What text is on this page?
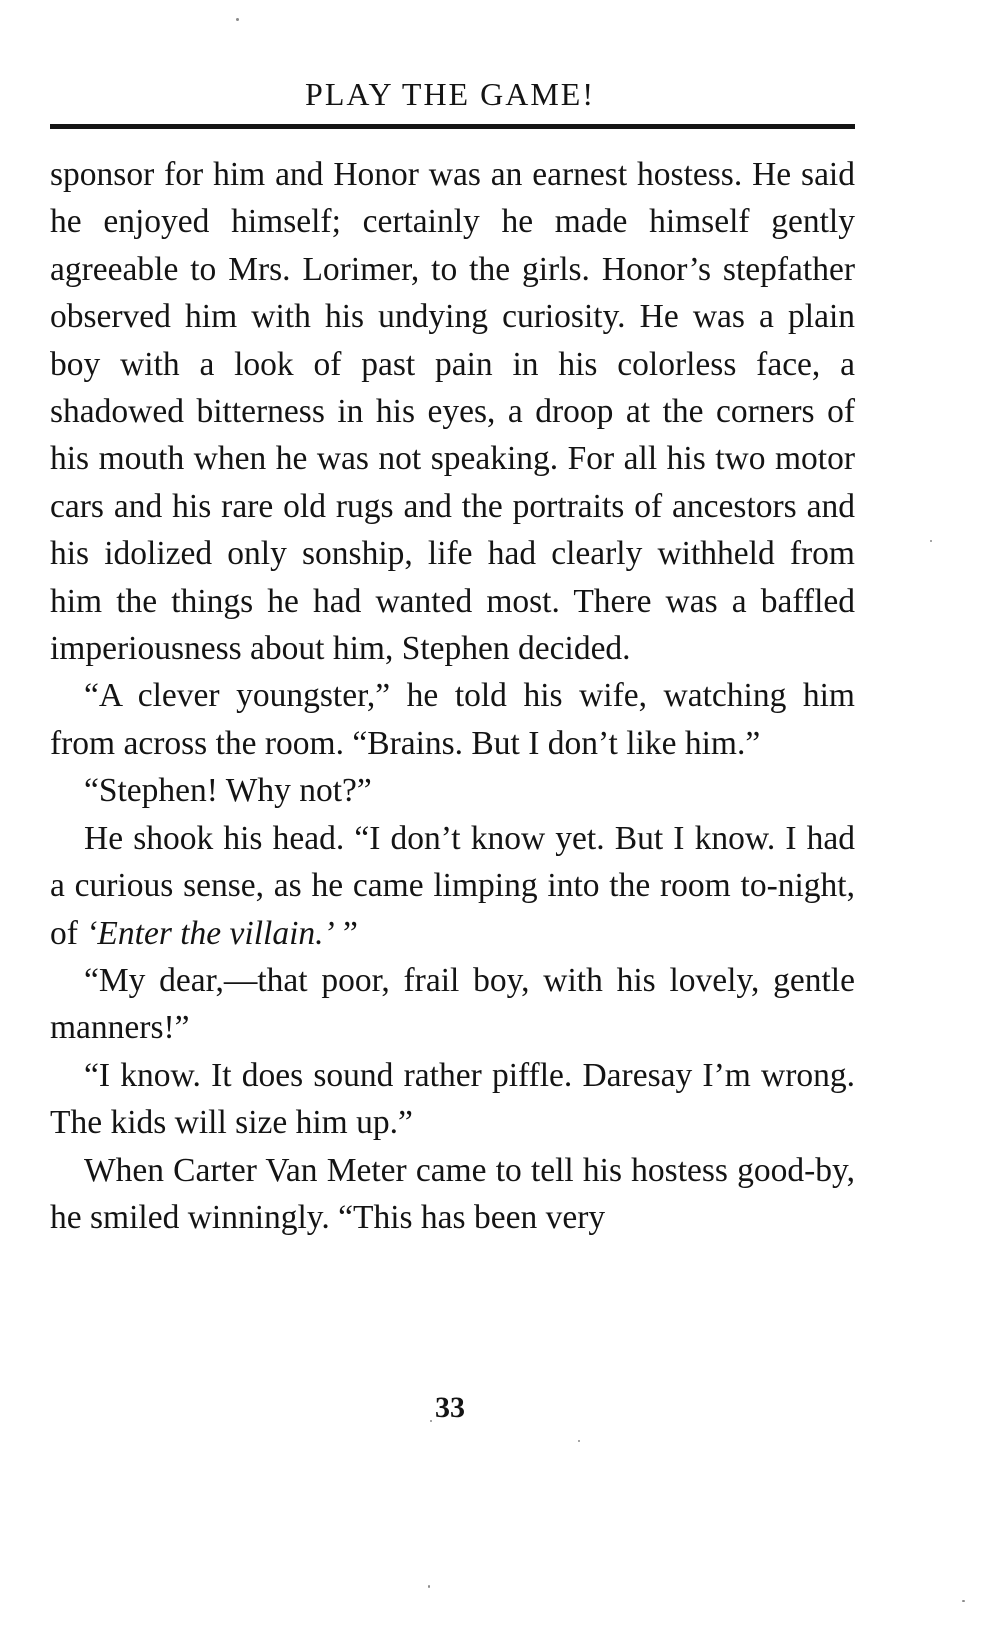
PLAY THE GAME!

sponsor for him and Honor was an earnest hostess. He said he enjoyed himself; certainly he made himself gently agreeable to Mrs. Lorimer, to the girls. Honor’s stepfather observed him with his undying curiosity. He was a plain boy with a look of past pain in his colorless face, a shadowed bitterness in his eyes, a droop at the corners of his mouth when he was not speaking. For all his two motor cars and his rare old rugs and the portraits of ancestors and his idolized only sonship, life had clearly withheld from him the things he had wanted most. There was a baffled imperiousness about him, Stephen decided.

“A clever youngster,” he told his wife, watching him from across the room. “Brains. But I don’t like him.”

“Stephen! Why not?”

He shook his head. “I don’t know yet. But I know. I had a curious sense, as he came limping into the room to-night, of ‘Enter the villain.’ ”

“My dear,—that poor, frail boy, with his lovely, gentle manners!”

“I know. It does sound rather piffle. Daresay I’m wrong. The kids will size him up.”

When Carter Van Meter came to tell his hostess good-by, he smiled winningly. “This has been very

33
